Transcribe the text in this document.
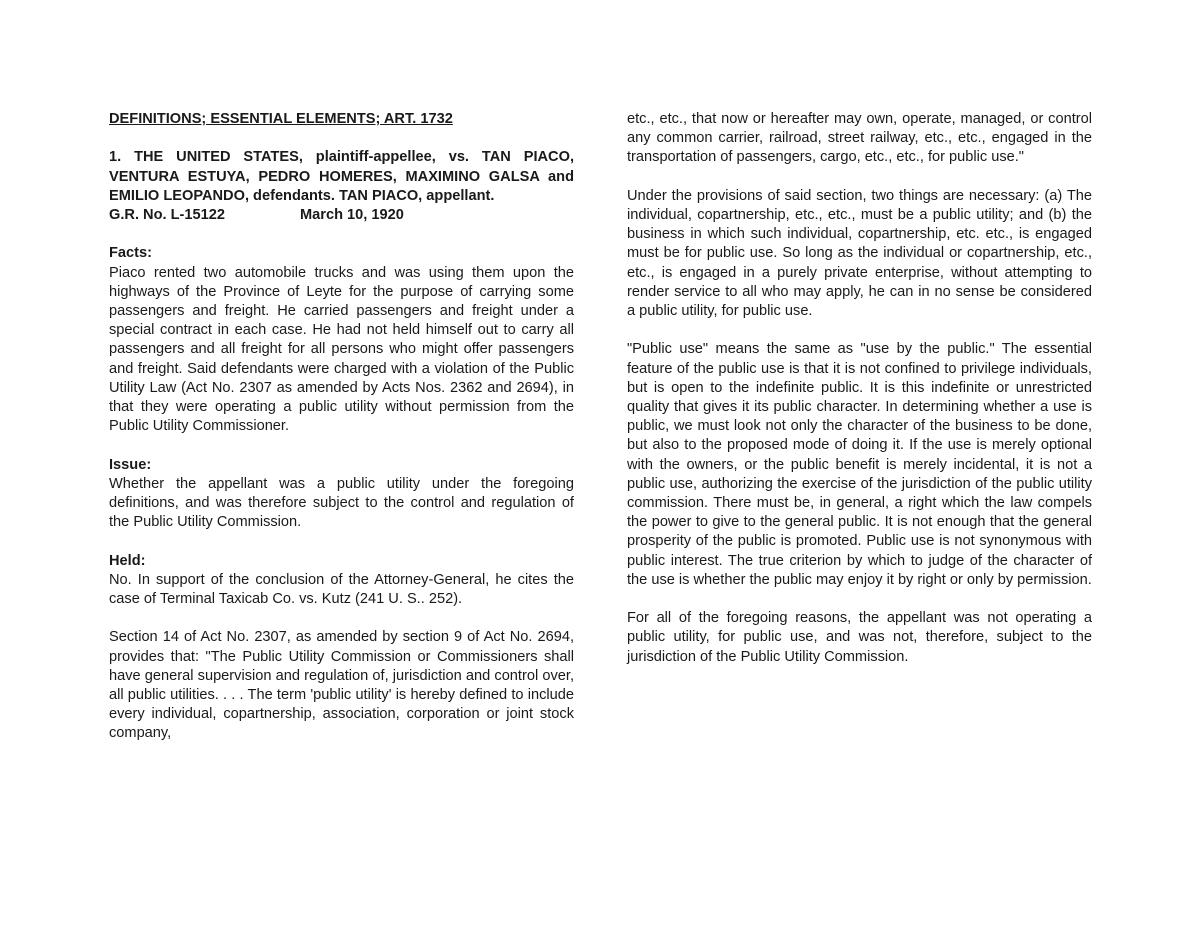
DEFINITIONS; ESSENTIAL ELEMENTS; ART. 1732

1. THE UNITED STATES, plaintiff-appellee, vs. TAN PIACO, VENTURA ESTUYA, PEDRO HOMERES, MAXIMINO GALSA and EMILIO LEOPANDO, defendants. TAN PIACO, appellant.

G.R. No. L-15122	March 10, 1920

Facts:

Piaco rented two automobile trucks and was using them upon the highways of the Province of Leyte for the purpose of carrying some passengers and freight. He carried passengers and freight under a special contract in each case. He had not held himself out to carry all passengers and all freight for all persons who might offer passengers and freight. Said defendants were charged with a violation of the Public Utility Law (Act No. 2307 as amended by Acts Nos. 2362 and 2694), in that they were operating a public utility without permission from the Public Utility Commissioner.

Issue:

Whether the appellant was a public utility under the foregoing definitions, and was therefore subject to the control and regulation of the Public Utility Commission.

Held:

No. In support of the conclusion of the Attorney-General, he cites the case of Terminal Taxicab Co. vs. Kutz (241 U. S.. 252).

Section 14 of Act No. 2307, as amended by section 9 of Act No. 2694, provides that: "The Public Utility Commission or Commissioners shall have general supervision and regulation of, jurisdiction and control over, all public utilities. . . . The term 'public utility' is hereby defined to include every individual, copartnership, association, corporation or joint stock company,

etc., etc., that now or hereafter may own, operate, managed, or control any common carrier, railroad, street railway, etc., etc., engaged in the transportation of passengers, cargo, etc., etc., for public use."

Under the provisions of said section, two things are necessary: (a) The individual, copartnership, etc., etc., must be a public utility; and (b) the business in which such individual, copartnership, etc. etc., is engaged must be for public use. So long as the individual or copartnership, etc., etc., is engaged in a purely private enterprise, without attempting to render service to all who may apply, he can in no sense be considered a public utility, for public use.

"Public use" means the same as "use by the public." The essential feature of the public use is that it is not confined to privilege individuals, but is open to the indefinite public. It is this indefinite or unrestricted quality that gives it its public character. In determining whether a use is public, we must look not only the character of the business to be done, but also to the proposed mode of doing it. If the use is merely optional with the owners, or the public benefit is merely incidental, it is not a public use, authorizing the exercise of the jurisdiction of the public utility commission. There must be, in general, a right which the law compels the power to give to the general public. It is not enough that the general prosperity of the public is promoted. Public use is not synonymous with public interest. The true criterion by which to judge of the character of the use is whether the public may enjoy it by right or only by permission.

For all of the foregoing reasons, the appellant was not operating a public utility, for public use, and was not, therefore, subject to the jurisdiction of the Public Utility Commission.
